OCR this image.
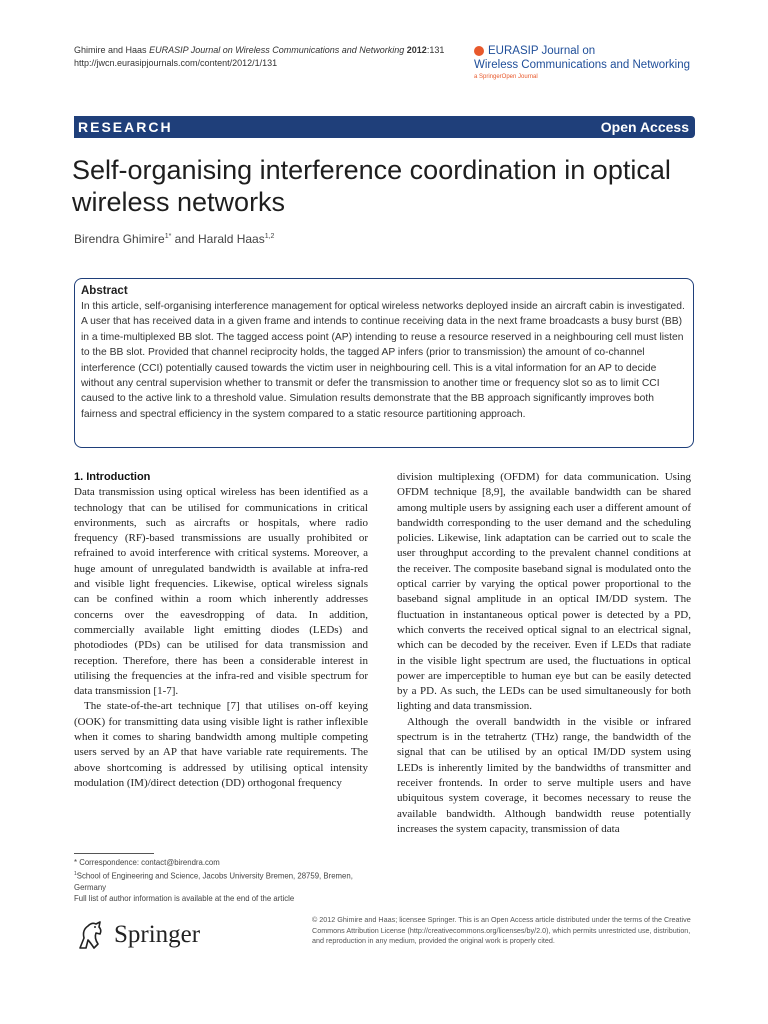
Ghimire and Haas EURASIP Journal on Wireless Communications and Networking 2012:131
http://jwcn.eurasipjournals.com/content/2012/1/131
EURASIP Journal on
Wireless Communications and Networking
a SpringerOpen Journal
RESEARCH	Open Access
Self-organising interference coordination in optical wireless networks
Birendra Ghimire$^{1*}$ and Harald Haas$^{1,2}$
Abstract
In this article, self-organising interference management for optical wireless networks deployed inside an aircraft cabin is investigated. A user that has received data in a given frame and intends to continue receiving data in the next frame broadcasts a busy burst (BB) in a time-multiplexed BB slot. The tagged access point (AP) intending to reuse a resource reserved in a neighbouring cell must listen to the BB slot. Provided that channel reciprocity holds, the tagged AP infers (prior to transmission) the amount of co-channel interference (CCI) potentially caused towards the victim user in neighbouring cell. This is a vital information for an AP to decide without any central supervision whether to transmit or defer the transmission to another time or frequency slot so as to limit CCI caused to the active link to a threshold value. Simulation results demonstrate that the BB approach significantly improves both fairness and spectral efficiency in the system compared to a static resource partitioning approach.
1. Introduction

Data transmission using optical wireless has been identified as a technology that can be utilised for communications in critical environments, such as aircrafts or hospitals, where radio frequency (RF)-based transmissions are usually prohibited or refrained to avoid interference with critical systems. Moreover, a huge amount of unregulated bandwidth is available at infra-red and visible light frequencies. Likewise, optical wireless signals can be confined within a room which inherently addresses concerns over the eavesdropping of data. In addition, commercially available light emitting diodes (LEDs) and photodiodes (PDs) can be utilised for data transmission and reception. Therefore, there has been a considerable interest in utilising the frequencies at the infra-red and visible spectrum for data transmission [1-7].

The state-of-the-art technique [7] that utilises on-off keying (OOK) for transmitting data using visible light is rather inflexible when it comes to sharing bandwidth among multiple competing users served by an AP that have variable rate requirements. The above shortcoming is addressed by utilising optical intensity modulation (IM)/direct detection (DD) orthogonal frequency

division multiplexing (OFDM) for data communication. Using OFDM technique [8,9], the available bandwidth can be shared among multiple users by assigning each user a different amount of bandwidth corresponding to the user demand and the scheduling policies. Likewise, link adaptation can be carried out to scale the user throughput according to the prevalent channel conditions at the receiver. The composite baseband signal is modulated onto the optical carrier by varying the optical power proportional to the baseband signal amplitude in an optical IM/DD system. The fluctuation in instantaneous optical power is detected by a PD, which converts the received optical signal to an electrical signal, which can be decoded by the receiver. Even if LEDs that radiate in the visible light spectrum are used, the fluctuations in optical power are imperceptible to human eye but can be easily detected by a PD. As such, the LEDs can be used simultaneously for both lighting and data transmission.

Although the overall bandwidth in the visible or infrared spectrum is in the tetrahertz (THz) range, the bandwidth of the signal that can be utilised by an optical IM/DD system using LEDs is inherently limited by the bandwidths of transmitter and receiver frontends. In order to serve multiple users and have ubiquitous system coverage, it becomes necessary to reuse the available bandwidth. Although bandwidth reuse potentially increases the system capacity, transmission of data

* Correspondence: contact@birendra.com
$^1$School of Engineering and Science, Jacobs University Bremen, 28759, Bremen, Germany
Full list of author information is available at the end of the article
Springer
© 2012 Ghimire and Haas; licensee Springer. This is an Open Access article distributed under the terms of the Creative Commons Attribution License (http://creativecommons.org/licenses/by/2.0), which permits unrestricted use, distribution, and reproduction in any medium, provided the original work is properly cited.
